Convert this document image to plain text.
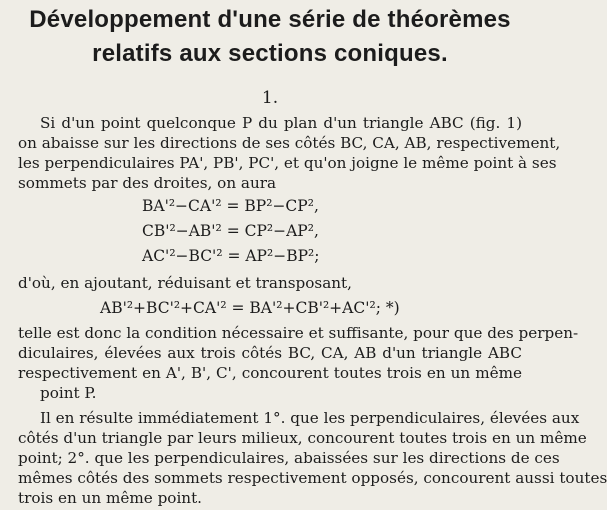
Développement d'une série de théorèmes
relatifs aux sections coniques.
1.
Si d'un point quelconque P du plan d'un triangle ABC (fig. 1)
on abaisse sur les directions de ses côtés BC, CA, AB, respectivement,
les perpendiculaires PA', PB', PC', et qu'on joigne le même point à ses
sommets par des droites, on aura
BA'²−CA'² = BP²−CP²,
CB'²−AB'² = CP²−AP²,
AC'²−BC'² = AP²−BP²;
d'où, en ajoutant, réduisant et transposant,
AB'²+BC'²+CA'² = BA'²+CB'²+AC'²; *)
telle est donc la condition nécessaire et suffisante, pour que des perpen-
diculaires, élevées aux trois côtés BC, CA, AB d'un triangle ABC
respectivement en A', B', C', concourent toutes trois en un même
point P.
Il en résulte immédiatement 1°. que les perpendiculaires, élevées aux
côtés d'un triangle par leurs milieux, concourent toutes trois en un même
point; 2°. que les perpendiculaires, abaissées sur les directions de ces
mêmes côtés des sommets respectivement opposés, concourent aussi toutes
trois en un même point.
